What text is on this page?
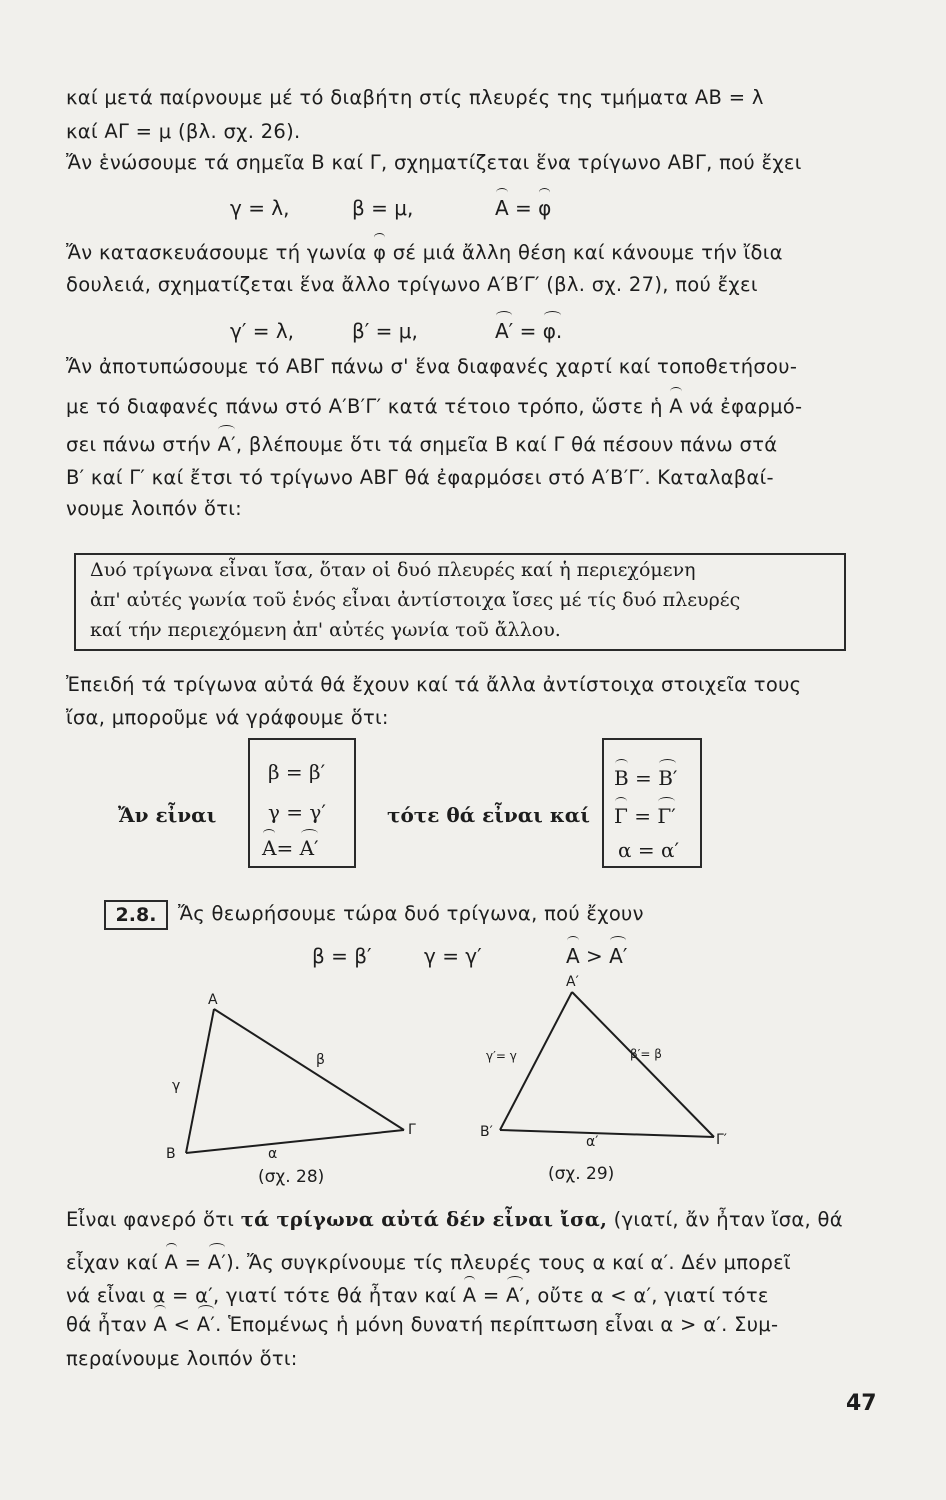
καί μετά παίρνουμε μέ τό διαβήτη στίς πλευρές της τμήματα ΑΒ = λ
καί ΑΓ = μ (βλ. σχ. 26).
Ἄν ἑνώσουμε τά σημεῖα Β καί Γ, σχηματίζεται ἕνα τρίγωνο ΑΒΓ, πού ἔχει
γ = λ,	β = μ,	Α = φ
Ἄν κατασκευάσουμε τή γωνία φ σέ μιά ἄλλη θέση καί κάνουμε τήν ἴδια
δουλειά, σχηματίζεται ἕνα ἄλλο τρίγωνο Α′Β′Γ′ (βλ. σχ. 27), πού ἔχει
γ′ = λ,	β′ = μ,	Α′ = φ.
Ἄν ἀποτυπώσουμε τό ΑΒΓ πάνω σ' ἕνα διαφανές χαρτί καί τοποθετήσου-
με τό διαφανές πάνω στό Α′Β′Γ′ κατά τέτοιο τρόπο, ὥστε ἡ Α νά ἐφαρμό-
σει πάνω στήν Α′, βλέπουμε ὅτι τά σημεῖα Β καί Γ θά πέσουν πάνω στά
Β′ καί Γ′ καί ἔτσι τό τρίγωνο ΑΒΓ θά ἐφαρμόσει στό Α′Β′Γ′. Καταλαβαί-
νουμε λοιπόν ὅτι:
Δυό τρίγωνα εἶναι ἴσα, ὅταν οἱ δυό πλευρές καί ἡ περιεχόμενη
ἀπ' αὐτές γωνία τοῦ ἑνός εἶναι ἀντίστοιχα ἴσες μέ τίς δυό πλευρές
καί τήν περιεχόμενη ἀπ' αὐτές γωνία τοῦ ἄλλου.
Ἐπειδή τά τρίγωνα αὐτά θά ἔχουν καί τά ἄλλα ἀντίστοιχα στοιχεῖα τους
ἴσα, μποροῦμε νά γράφουμε ὅτι:
Ἄν εἶναι
β = β′
γ = γ′
Α= Α′
τότε θά εἶναι καί
Β = Β′
Γ = Γ′
α = α′
2.8.	Ἄς θεωρήσουμε τώρα δυό τρίγωνα, πού ἔχουν
β = β′	γ = γ′	Α > Α′
Α
Β
Γ
γ
β
α
Α′
Β′	Γ′
γ′= γ	β′= β
α′
(σχ. 28)	(σχ. 29)
Εἶναι φανερό ὅτι τά τρίγωνα αὐτά δέν εἶναι ἴσα, (γιατί, ἄν ἦταν ἴσα, θά
εἶχαν καί Α = Α′). Ἄς συγκρίνουμε τίς πλευρές τους α καί α′. Δέν μπορεῖ
νά εἶναι α = α′, γιατί τότε θά ἦταν καί Α = Α′, οὔτε α < α′, γιατί τότε
θά ἦταν Α < Α′. Ἑπομένως ἡ μόνη δυνατή περίπτωση εἶναι α > α′. Συμ-
περαίνουμε λοιπόν ὅτι:
47
